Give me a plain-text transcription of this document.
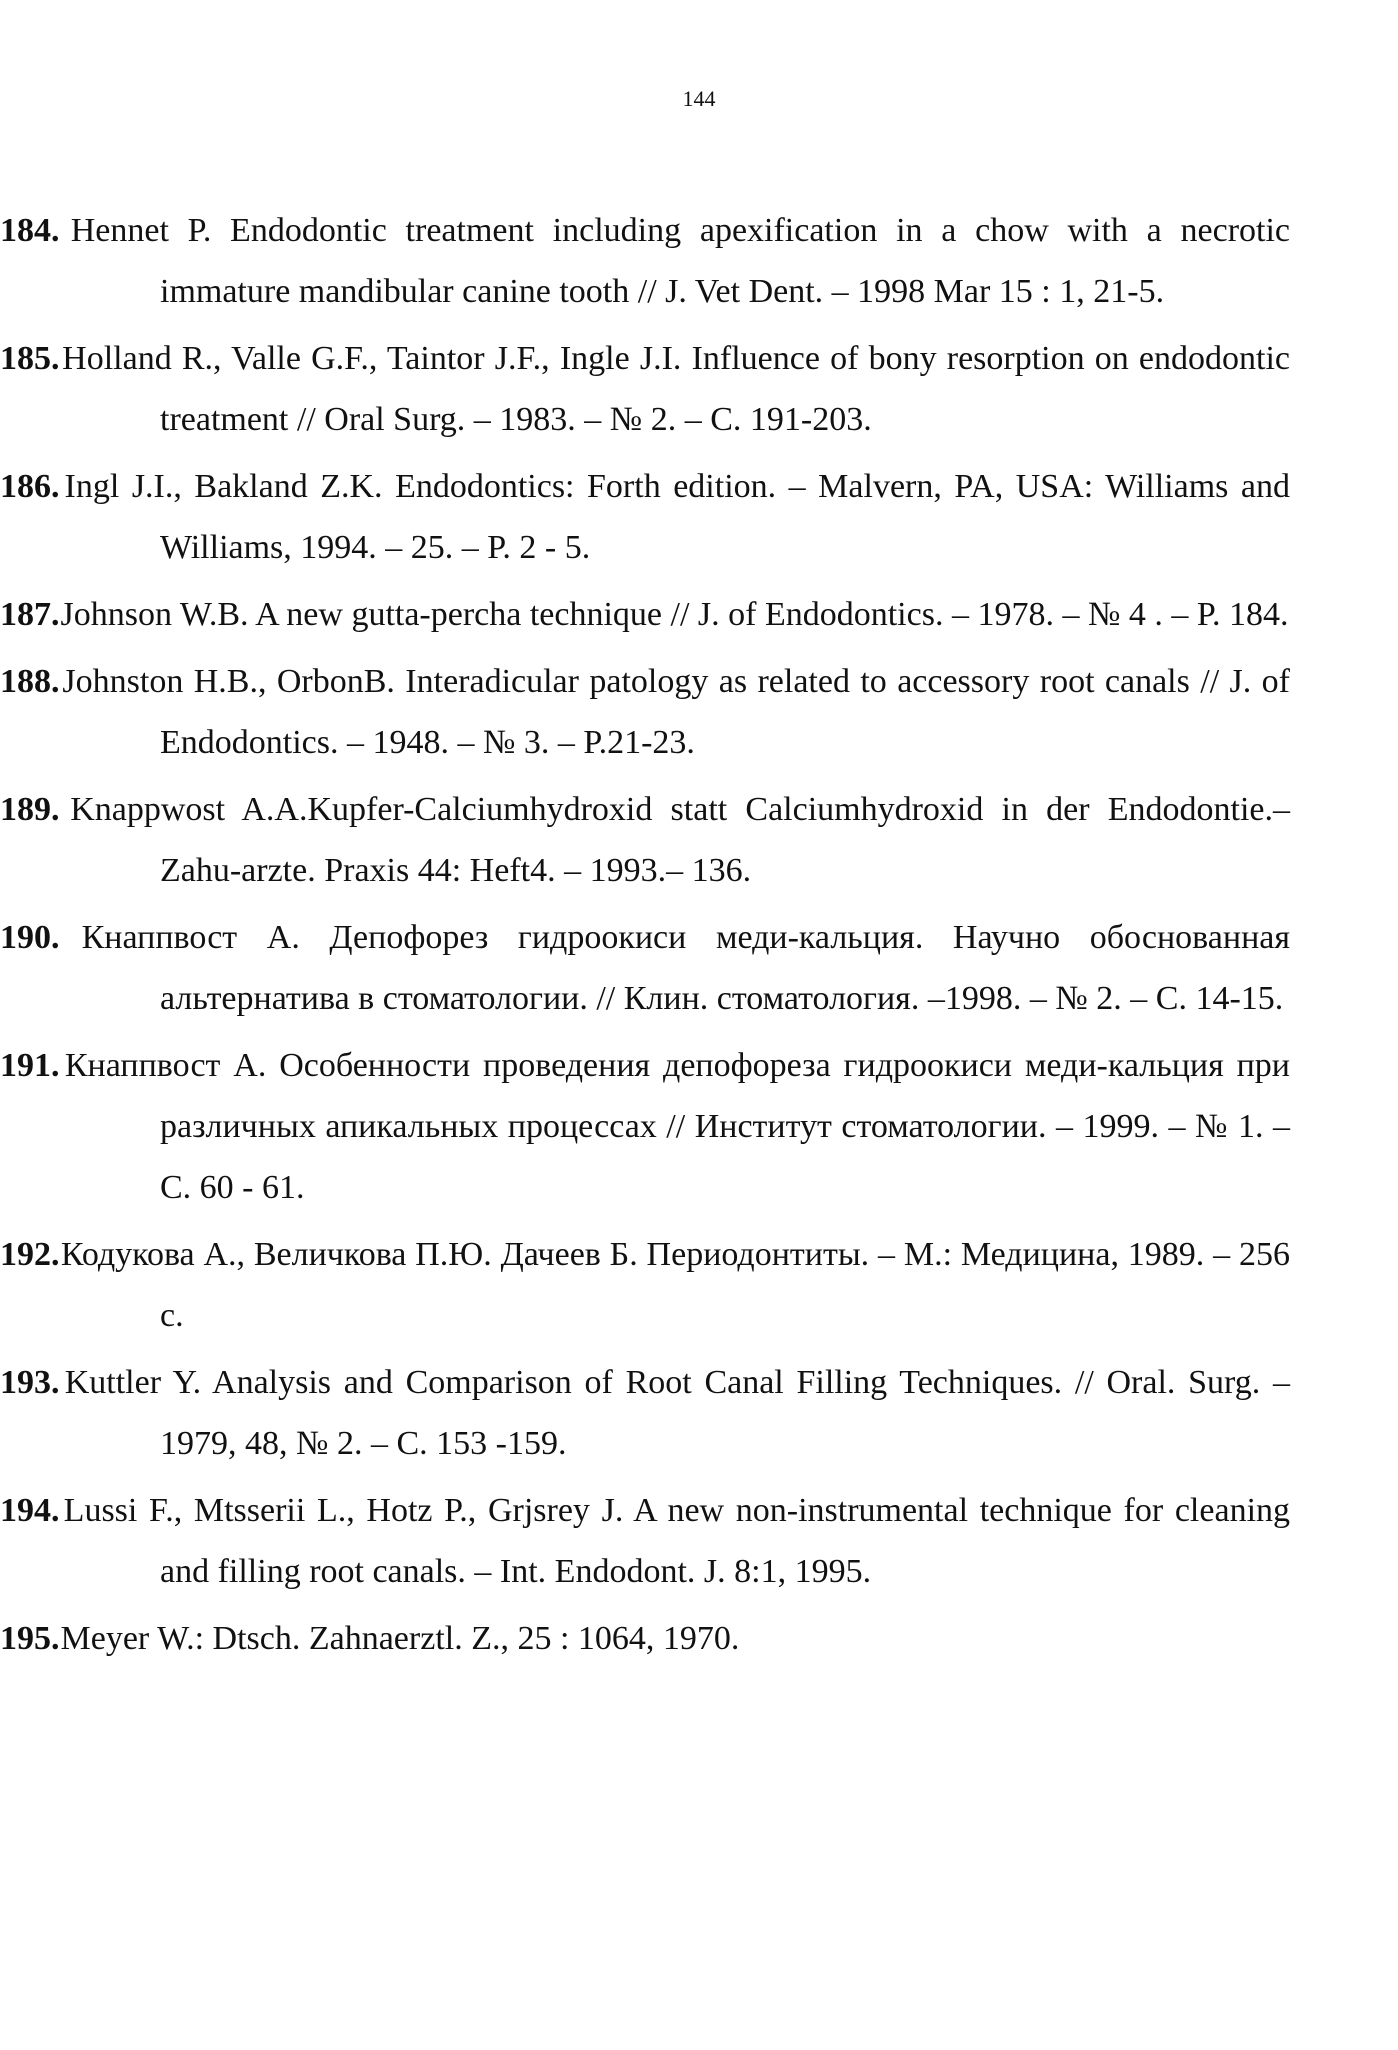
144

184. Hennet P. Endodontic treatment including apexification in a chow with a necrotic immature mandibular canine tooth // J. Vet Dent. – 1998 Mar 15 : 1, 21-5.

185. Holland R., Valle G.F., Taintor J.F., Ingle J.I. Influence of bony resorption on endodontic treatment // Oral Surg. – 1983. – № 2. – C. 191-203.

186. Ingl J.I., Bakland Z.K. Endodontics: Forth edition. – Malvern, PA, USA: Williams and Williams, 1994. – 25. – P. 2 - 5.

187. Johnson W.B. A new gutta-percha technique // J. of Endodontics. – 1978. – № 4 . – P. 184.

188. Johnston H.B., OrbonB. Interadicular patology as related to accessory root canals // J. of Endodontics. – 1948. – № 3. – P.21-23.

189. Knappwost A.A.Kupfer-Calciumhydroxid statt Calciumhydroxid in der Endodontie.– Zahu-arzte. Praxis 44: Heft4. – 1993.– 136.

190. Кнаппвост А. Депофорез гидроокиси меди-кальция. Научно обоснованная альтернатива в стоматологии. // Клин. стоматология. –1998. – № 2. – С. 14-15.

191. Кнаппвост А. Особенности проведения депофореза гидроокиси меди-кальция при различных апикальных процессах // Институт стоматологии. – 1999. – № 1. – С. 60 - 61.

192. Кодукова А., Величкова П.Ю. Дачеев Б. Периодонтиты. – М.: Медицина, 1989. – 256 с.

193. Kuttler Y. Analysis and Comparison of Root Canal Filling Techniques. // Oral. Surg. – 1979, 48, № 2. – C. 153 -159.

194. Lussi F., Mtsserii L., Hotz P., Grjsrey J. A new non-instrumental technique for cleaning and filling root canals. – Int. Endodont. J. 8:1, 1995.

195. Meyer W.: Dtsch. Zahnaerztl. Z., 25 : 1064, 1970.
